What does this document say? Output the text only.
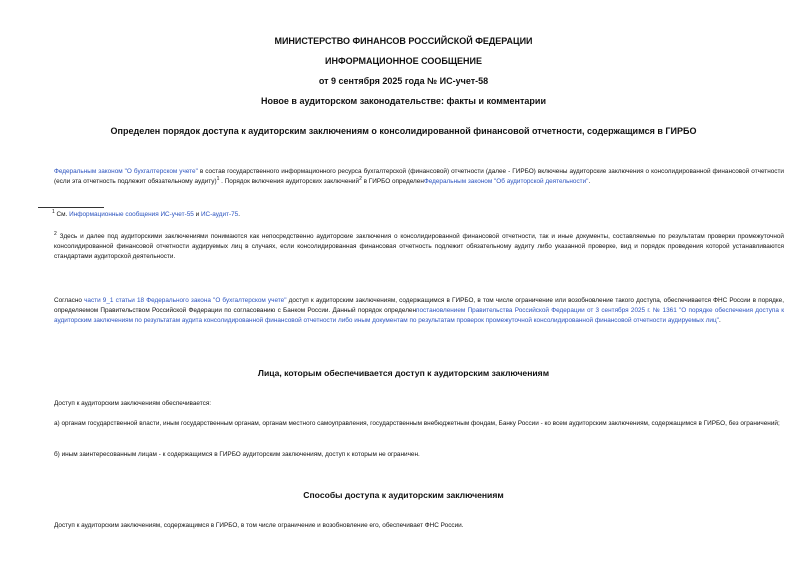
МИНИСТЕРСТВО ФИНАНСОВ РОССИЙСКОЙ ФЕДЕРАЦИИ
ИНФОРМАЦИОННОЕ СООБЩЕНИЕ
от 9 сентября 2025 года № ИС-учет-58
Новое в аудиторском законодательстве: факты и комментарии
Определен порядок доступа к аудиторским заключениям о консолидированной финансовой отчетности, содержащимся в ГИРБО
Федеральным законом "О бухгалтерском учете" в состав государственного информационного ресурса бухгалтерской (финансовой) отчетности (далее - ГИРБО) включены аудиторские заключения о консолидированной финансовой отчетности (если эта отчетность подлежит обязательному аудиту)$^1$ . Порядок включения аудиторских заключений$^2$ в ГИРБО определенФедеральным законом "Об аудиторской деятельности".
$^1$ См. Информационные сообщения ИС-учет-55 и ИС-аудит-75.
$^2$ Здесь и далее под аудиторскими заключениями понимаются как непосредственно аудиторские заключения о консолидированной финансовой отчетности, так и иные документы, составляемые по результатам проверки промежуточной консолидированной финансовой отчетности аудируемых лиц в случаях, если консолидированная финансовая отчетность подлежит обязательному аудиту либо указанной проверке, вид и порядок проведения которой устанавливаются стандартами аудиторской деятельности.
Согласно части 9_1 статьи 18 Федерального закона "О бухгалтерском учете" доступ к аудиторским заключениям, содержащимся в ГИРБО, в том числе ограничение или возобновление такого доступа, обеспечивается ФНС России в порядке, определяемом Правительством Российской Федерации по согласованию с Банком России. Данный порядок определенпостановлением Правительства Российской Федерации от 3 сентября 2025 г. № 1361 "О порядке обеспечения доступа к аудиторским заключениям по результатам аудита консолидированной финансовой отчетности либо иным документам по результатам проверок промежуточной консолидированной финансовой отчетности аудируемых лиц".
Лица, которым обеспечивается доступ к аудиторским заключениям
Доступ к аудиторским заключениям обеспечивается:
а) органам государственной власти, иным государственным органам, органам местного самоуправления, государственным внебюджетным фондам, Банку России - ко всем аудиторским заключениям, содержащимся в ГИРБО, без ограничений;
б) иным заинтересованным лицам - к содержащимся в ГИРБО аудиторским заключениям, доступ к которым не ограничен.
Способы доступа к аудиторским заключениям
Доступ к аудиторским заключениям, содержащимся в ГИРБО, в том числе ограничение и возобновление его, обеспечивает ФНС России.
